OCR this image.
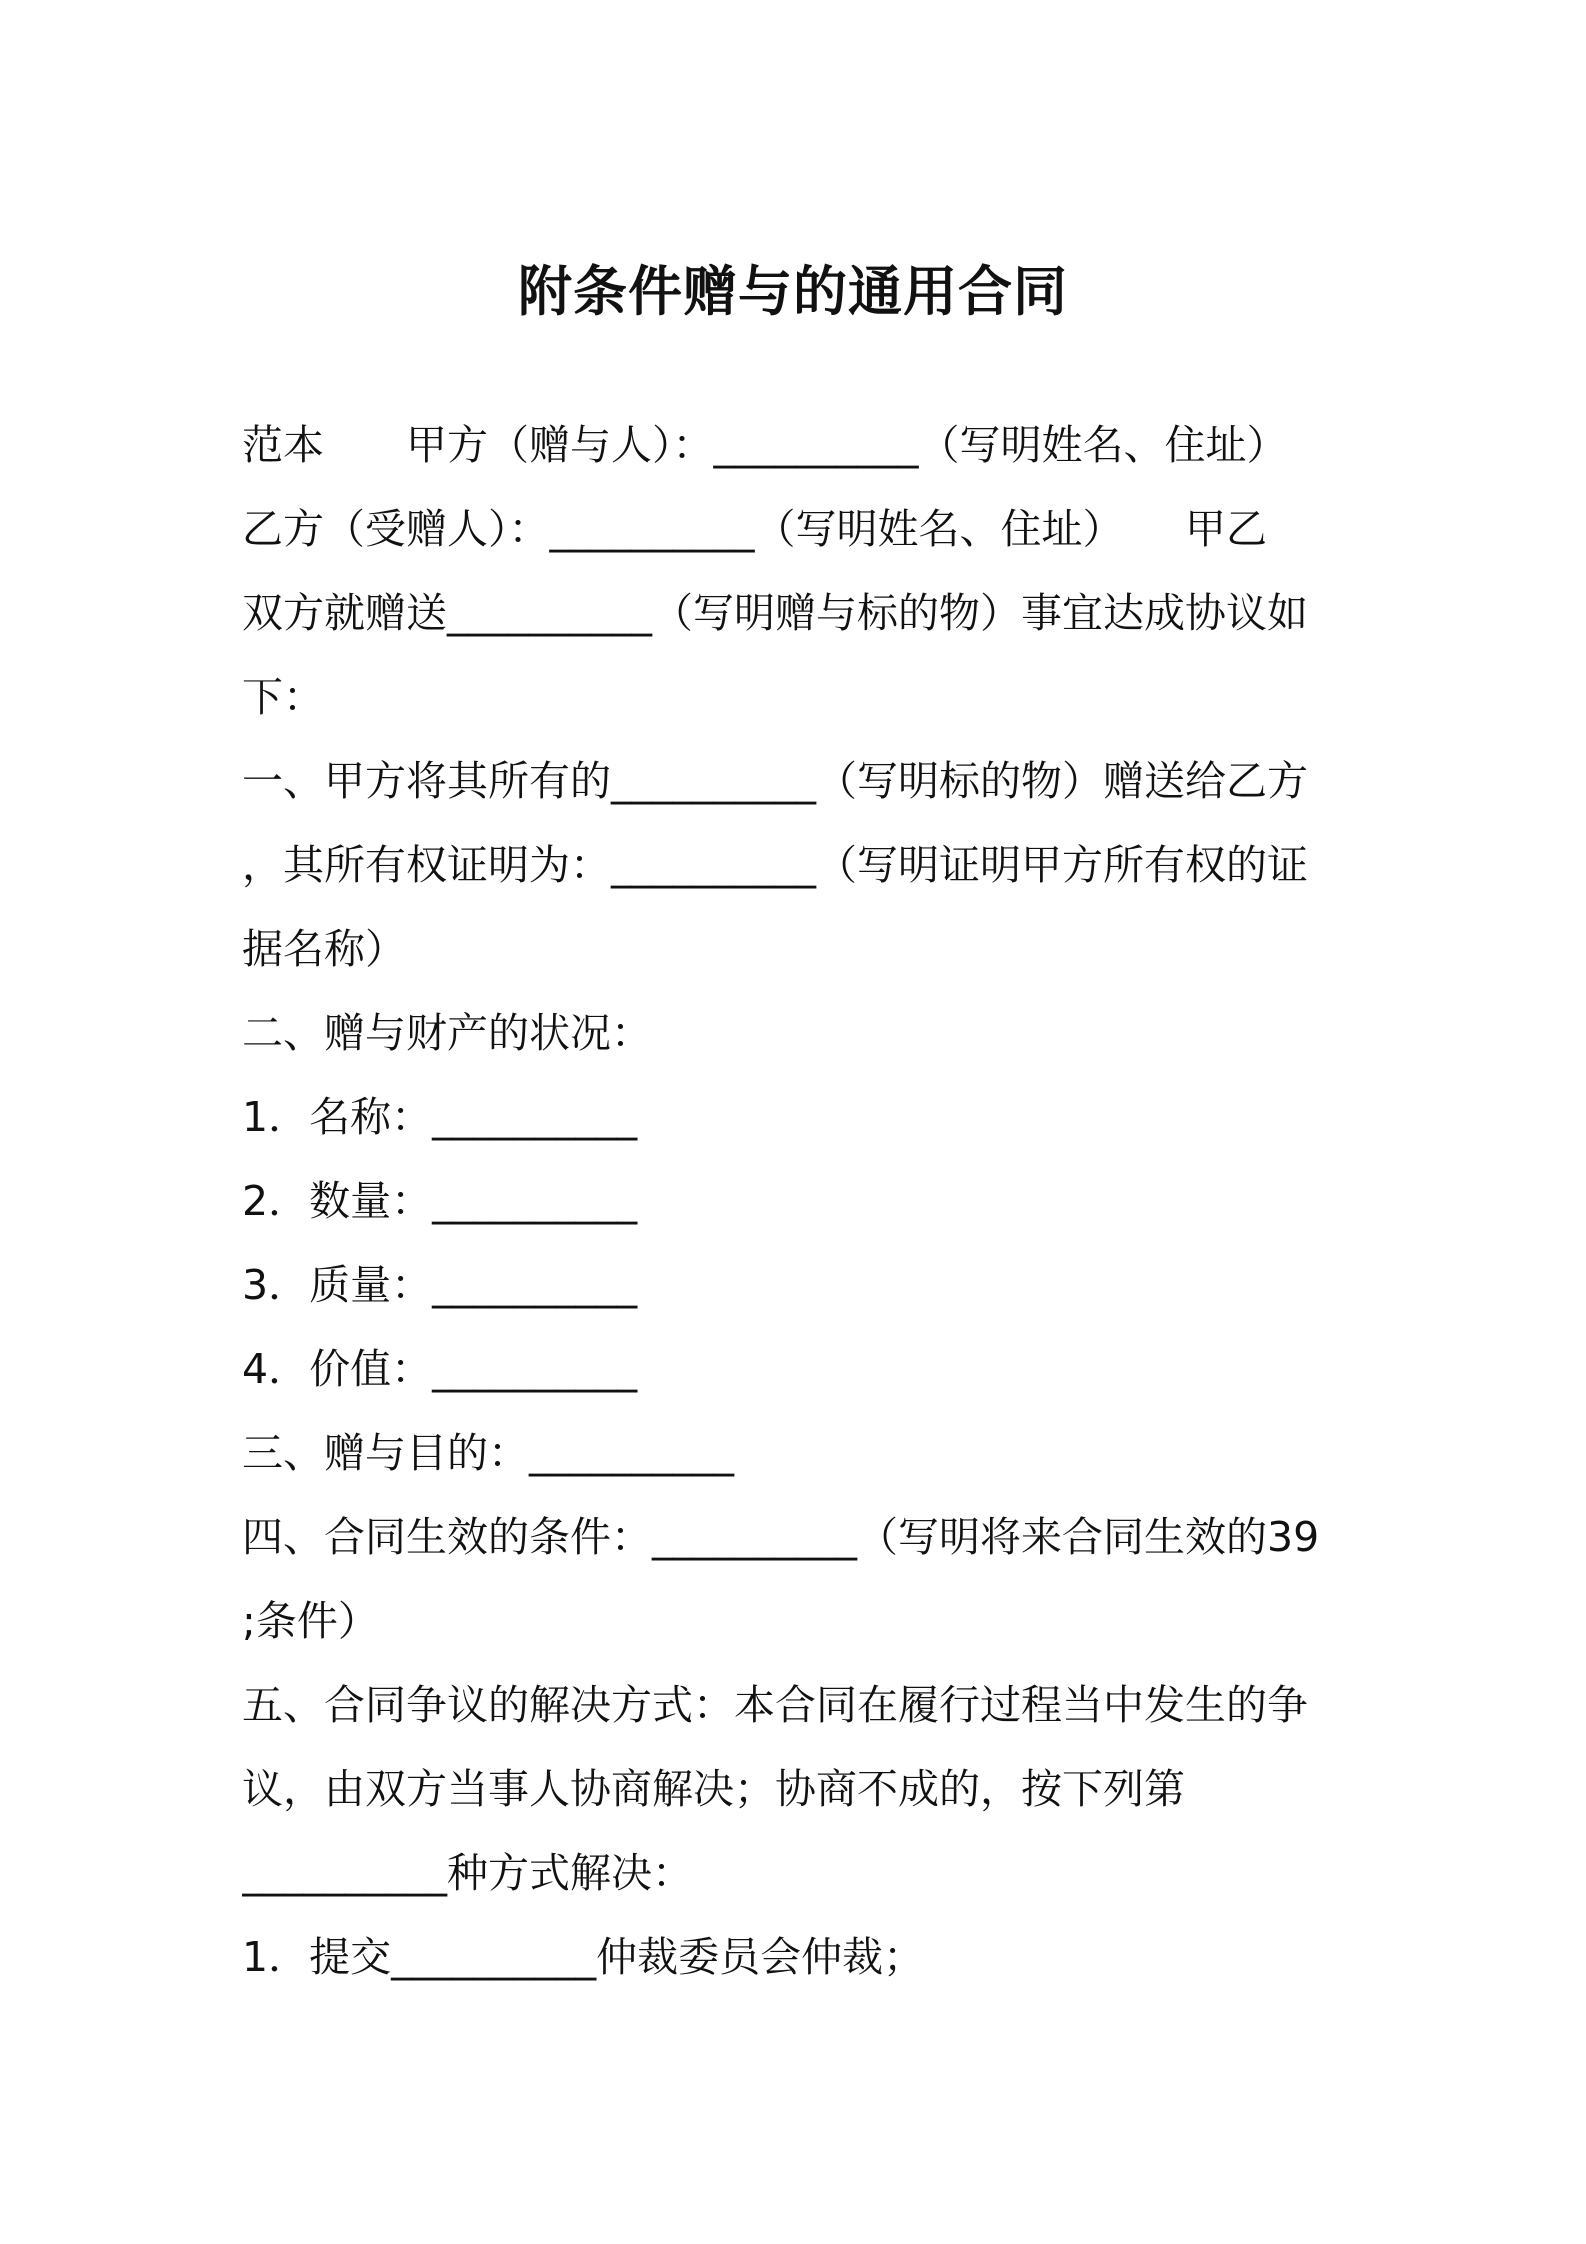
附条件赠与的通用合同
范本　　甲方（赠与人）：__________（写明姓名、住址）
乙方（受赠人）：__________（写明姓名、住址）　　甲乙
双方就赠送__________（写明赠与标的物）事宜达成协议如
下：
一、甲方将其所有的__________（写明标的物）赠送给乙方
，其所有权证明为：__________（写明证明甲方所有权的证
据名称）
二、赠与财产的状况：
1．名称：__________
2．数量：__________
3．质量：__________
4．价值：__________
三、赠与目的：__________
四、合同生效的条件：__________（写明将来合同生效的39
;条件）
五、合同争议的解决方式：本合同在履行过程当中发生的争
议，由双方当事人协商解决；协商不成的，按下列第
__________种方式解决：
1．提交__________仲裁委员会仲裁；
